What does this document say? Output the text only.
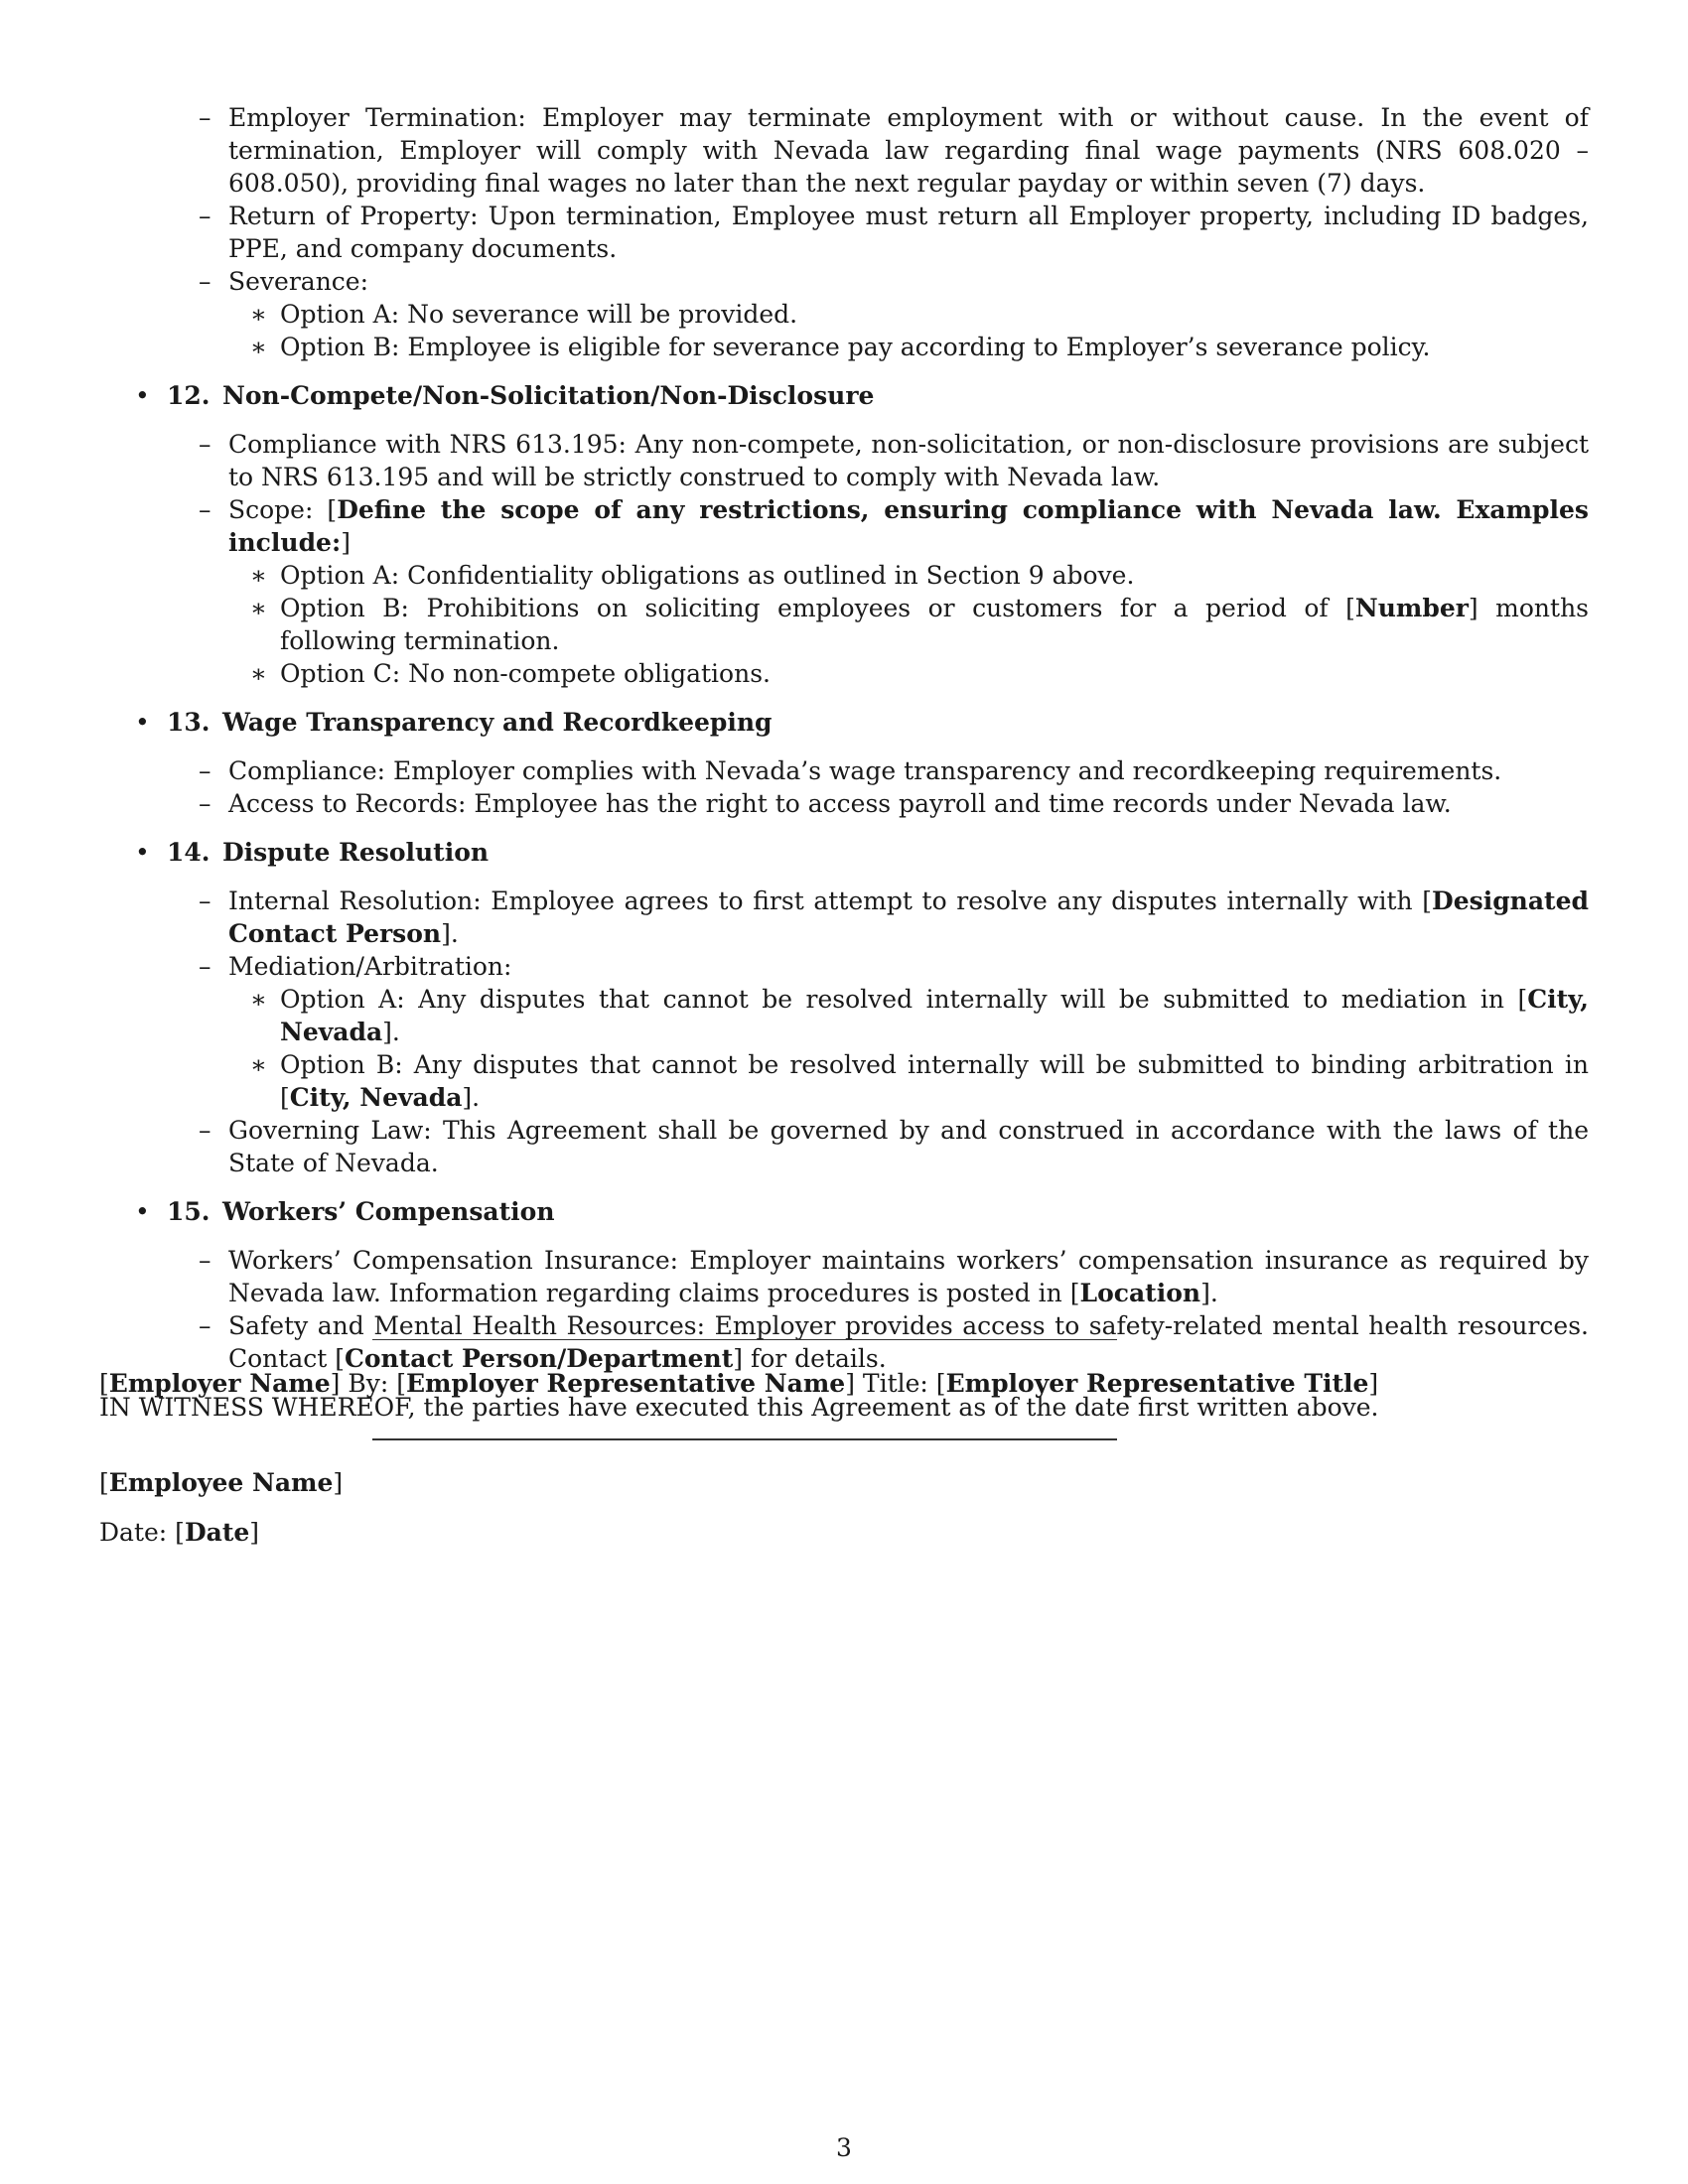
– Employer Termination: Employer may terminate employment with or without cause. In the event of termination, Employer will comply with Nevada law regarding final wage payments (NRS 608.020 – 608.050), providing final wages no later than the next regular payday or within seven (7) days.
– Return of Property: Upon termination, Employee must return all Employer property, including ID badges, PPE, and company documents.
– Severance:
∗ Option A: No severance will be provided.
∗ Option B: Employee is eligible for severance pay according to Employer’s severance policy.
• 12. Non-Compete/Non-Solicitation/Non-Disclosure
– Compliance with NRS 613.195: Any non-compete, non-solicitation, or non-disclosure provisions are subject to NRS 613.195 and will be strictly construed to comply with Nevada law.
– Scope: [Define the scope of any restrictions, ensuring compliance with Nevada law. Examples include:]
∗ Option A: Confidentiality obligations as outlined in Section 9 above.
∗ Option B: Prohibitions on soliciting employees or customers for a period of [Number] months following termination.
∗ Option C: No non-compete obligations.
• 13. Wage Transparency and Recordkeeping
– Compliance: Employer complies with Nevada’s wage transparency and recordkeeping requirements.
– Access to Records: Employee has the right to access payroll and time records under Nevada law.
• 14. Dispute Resolution
– Internal Resolution: Employee agrees to first attempt to resolve any disputes internally with [Designated Contact Person].
– Mediation/Arbitration:
∗ Option A: Any disputes that cannot be resolved internally will be submitted to mediation in [City, Nevada].
∗ Option B: Any disputes that cannot be resolved internally will be submitted to binding arbitration in [City, Nevada].
– Governing Law: This Agreement shall be governed by and construed in accordance with the laws of the State of Nevada.
• 15. Workers’ Compensation
– Workers’ Compensation Insurance: Employer maintains workers’ compensation insurance as required by Nevada law. Information regarding claims procedures is posted in [Location].
– Safety and Mental Health Resources: Employer provides access to safety-related mental health resources. Contact [Contact Person/Department] for details.

IN WITNESS WHEREOF, the parties have executed this Agreement as of the date first written above.

[Employer Name] By: [Employer Representative Name] Title: [Employer Representative Title]
[Employee Name]
Date: [Date]
3
